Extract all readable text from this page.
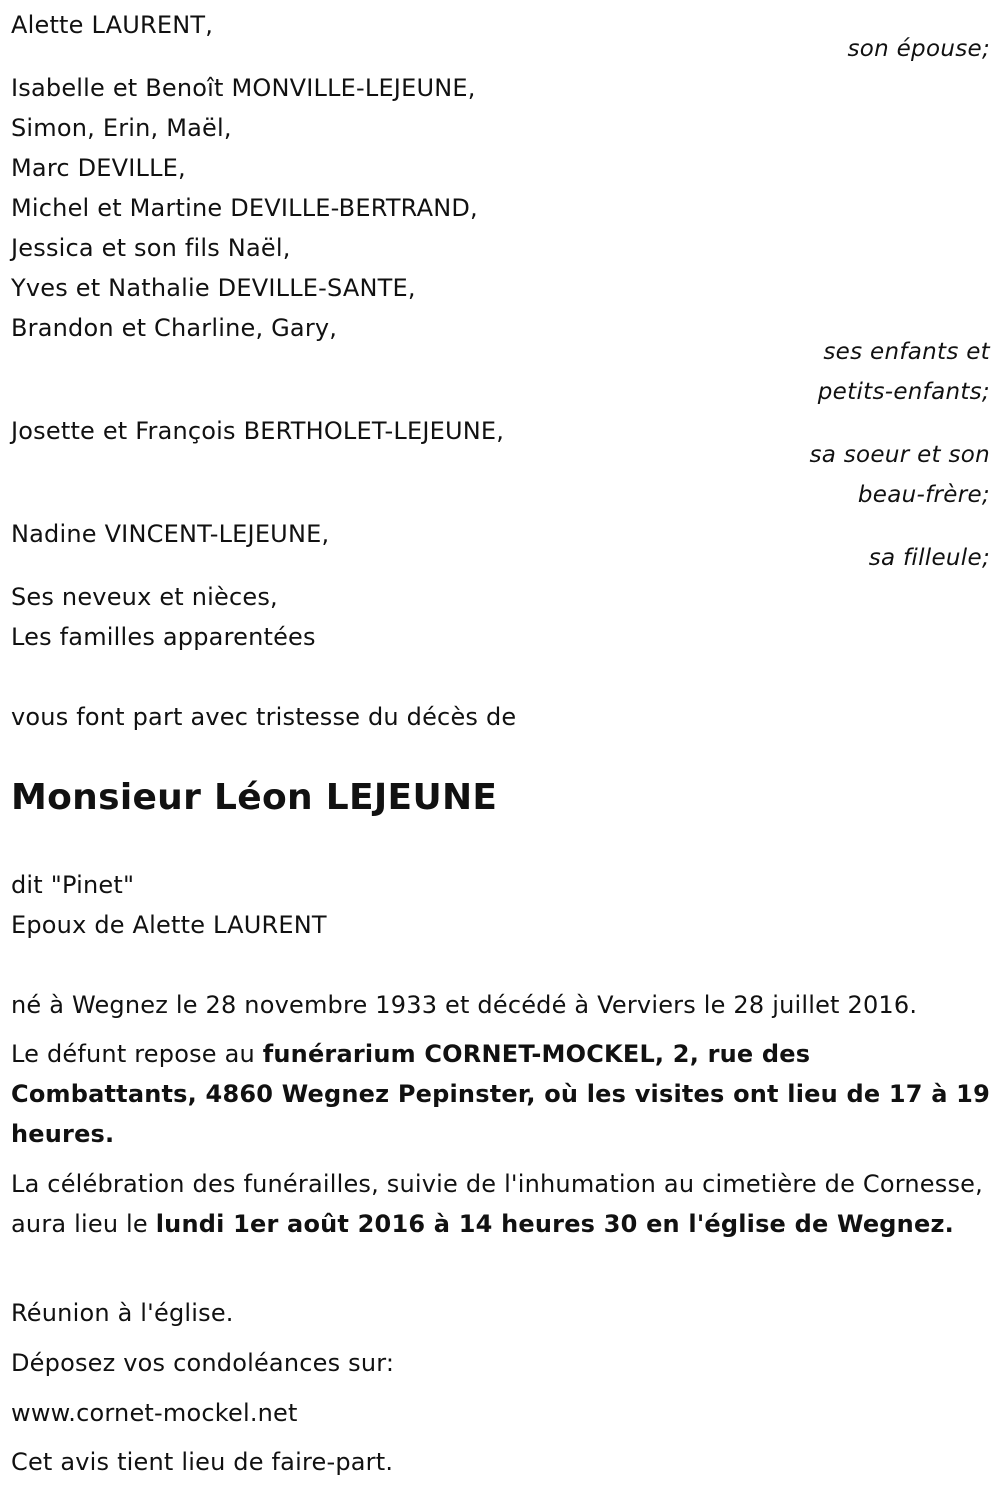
Alette LAURENT,
son épouse;
Isabelle et Benoît MONVILLE-LEJEUNE,
Simon, Erin, Maël,
Marc DEVILLE,
Michel et Martine DEVILLE-BERTRAND,
Jessica et son fils Naël,
Yves et Nathalie DEVILLE-SANTE,
Brandon et Charline, Gary,
ses enfants et
petits-enfants;
Josette et François BERTHOLET-LEJEUNE,
sa soeur et son
beau-frère;
Nadine VINCENT-LEJEUNE,
sa filleule;
Ses neveux et nièces,
Les familles apparentées
vous font part avec tristesse du décès de
Monsieur Léon LEJEUNE
dit "Pinet"
Epoux de Alette LAURENT
né à Wegnez le 28 novembre 1933 et décédé à Verviers le 28 juillet 2016.
Le défunt repose au funérarium CORNET-MOCKEL, 2, rue des Combattants, 4860 Wegnez Pepinster, où les visites ont lieu de 17 à 19 heures.
La célébration des funérailles, suivie de l'inhumation au cimetière de Cornesse, aura lieu le lundi 1er août 2016 à 14 heures 30 en l'église de Wegnez.
Réunion à l'église.
Déposez vos condoléances sur:
www.cornet-mockel.net
Cet avis tient lieu de faire-part.
